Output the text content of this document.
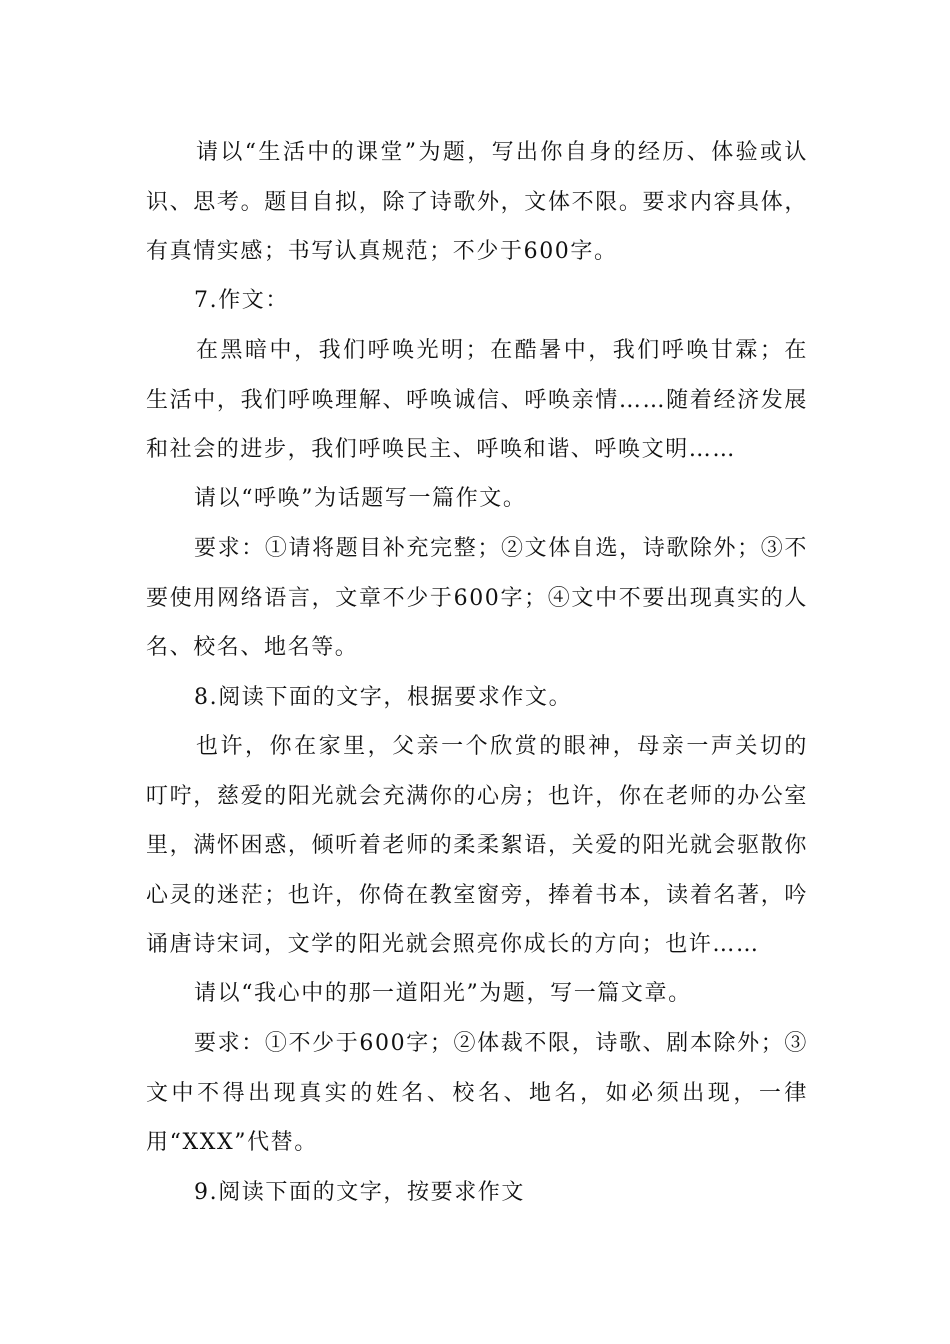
请以“生活中的课堂”为题，写出你自身的经历、体验或认识、思考。题目自拟，除了诗歌外，文体不限。要求内容具体，有真情实感；书写认真规范；不少于600字。

7.作文：

在黑暗中，我们呼唤光明；在酷暑中，我们呼唤甘霖；在生活中，我们呼唤理解、呼唤诚信、呼唤亲情……随着经济发展和社会的进步，我们呼唤民主、呼唤和谐、呼唤文明……

请以“呼唤”为话题写一篇作文。

要求：①请将题目补充完整；②文体自选，诗歌除外；③不要使用网络语言，文章不少于600字；④文中不要出现真实的人名、校名、地名等。

8.阅读下面的文字，根据要求作文。

也许，你在家里，父亲一个欣赏的眼神，母亲一声关切的叮咛，慈爱的阳光就会充满你的心房；也许，你在老师的办公室里，满怀困惑，倾听着老师的柔柔絮语，关爱的阳光就会驱散你心灵的迷茫；也许，你倚在教室窗旁，捧着书本，读着名著，吟诵唐诗宋词，文学的阳光就会照亮你成长的方向；也许……

请以“我心中的那一道阳光”为题，写一篇文章。

要求：①不少于600字；②体裁不限，诗歌、剧本除外；③文中不得出现真实的姓名、校名、地名，如必须出现，一律用“XXX”代替。

9.阅读下面的文字，按要求作文
